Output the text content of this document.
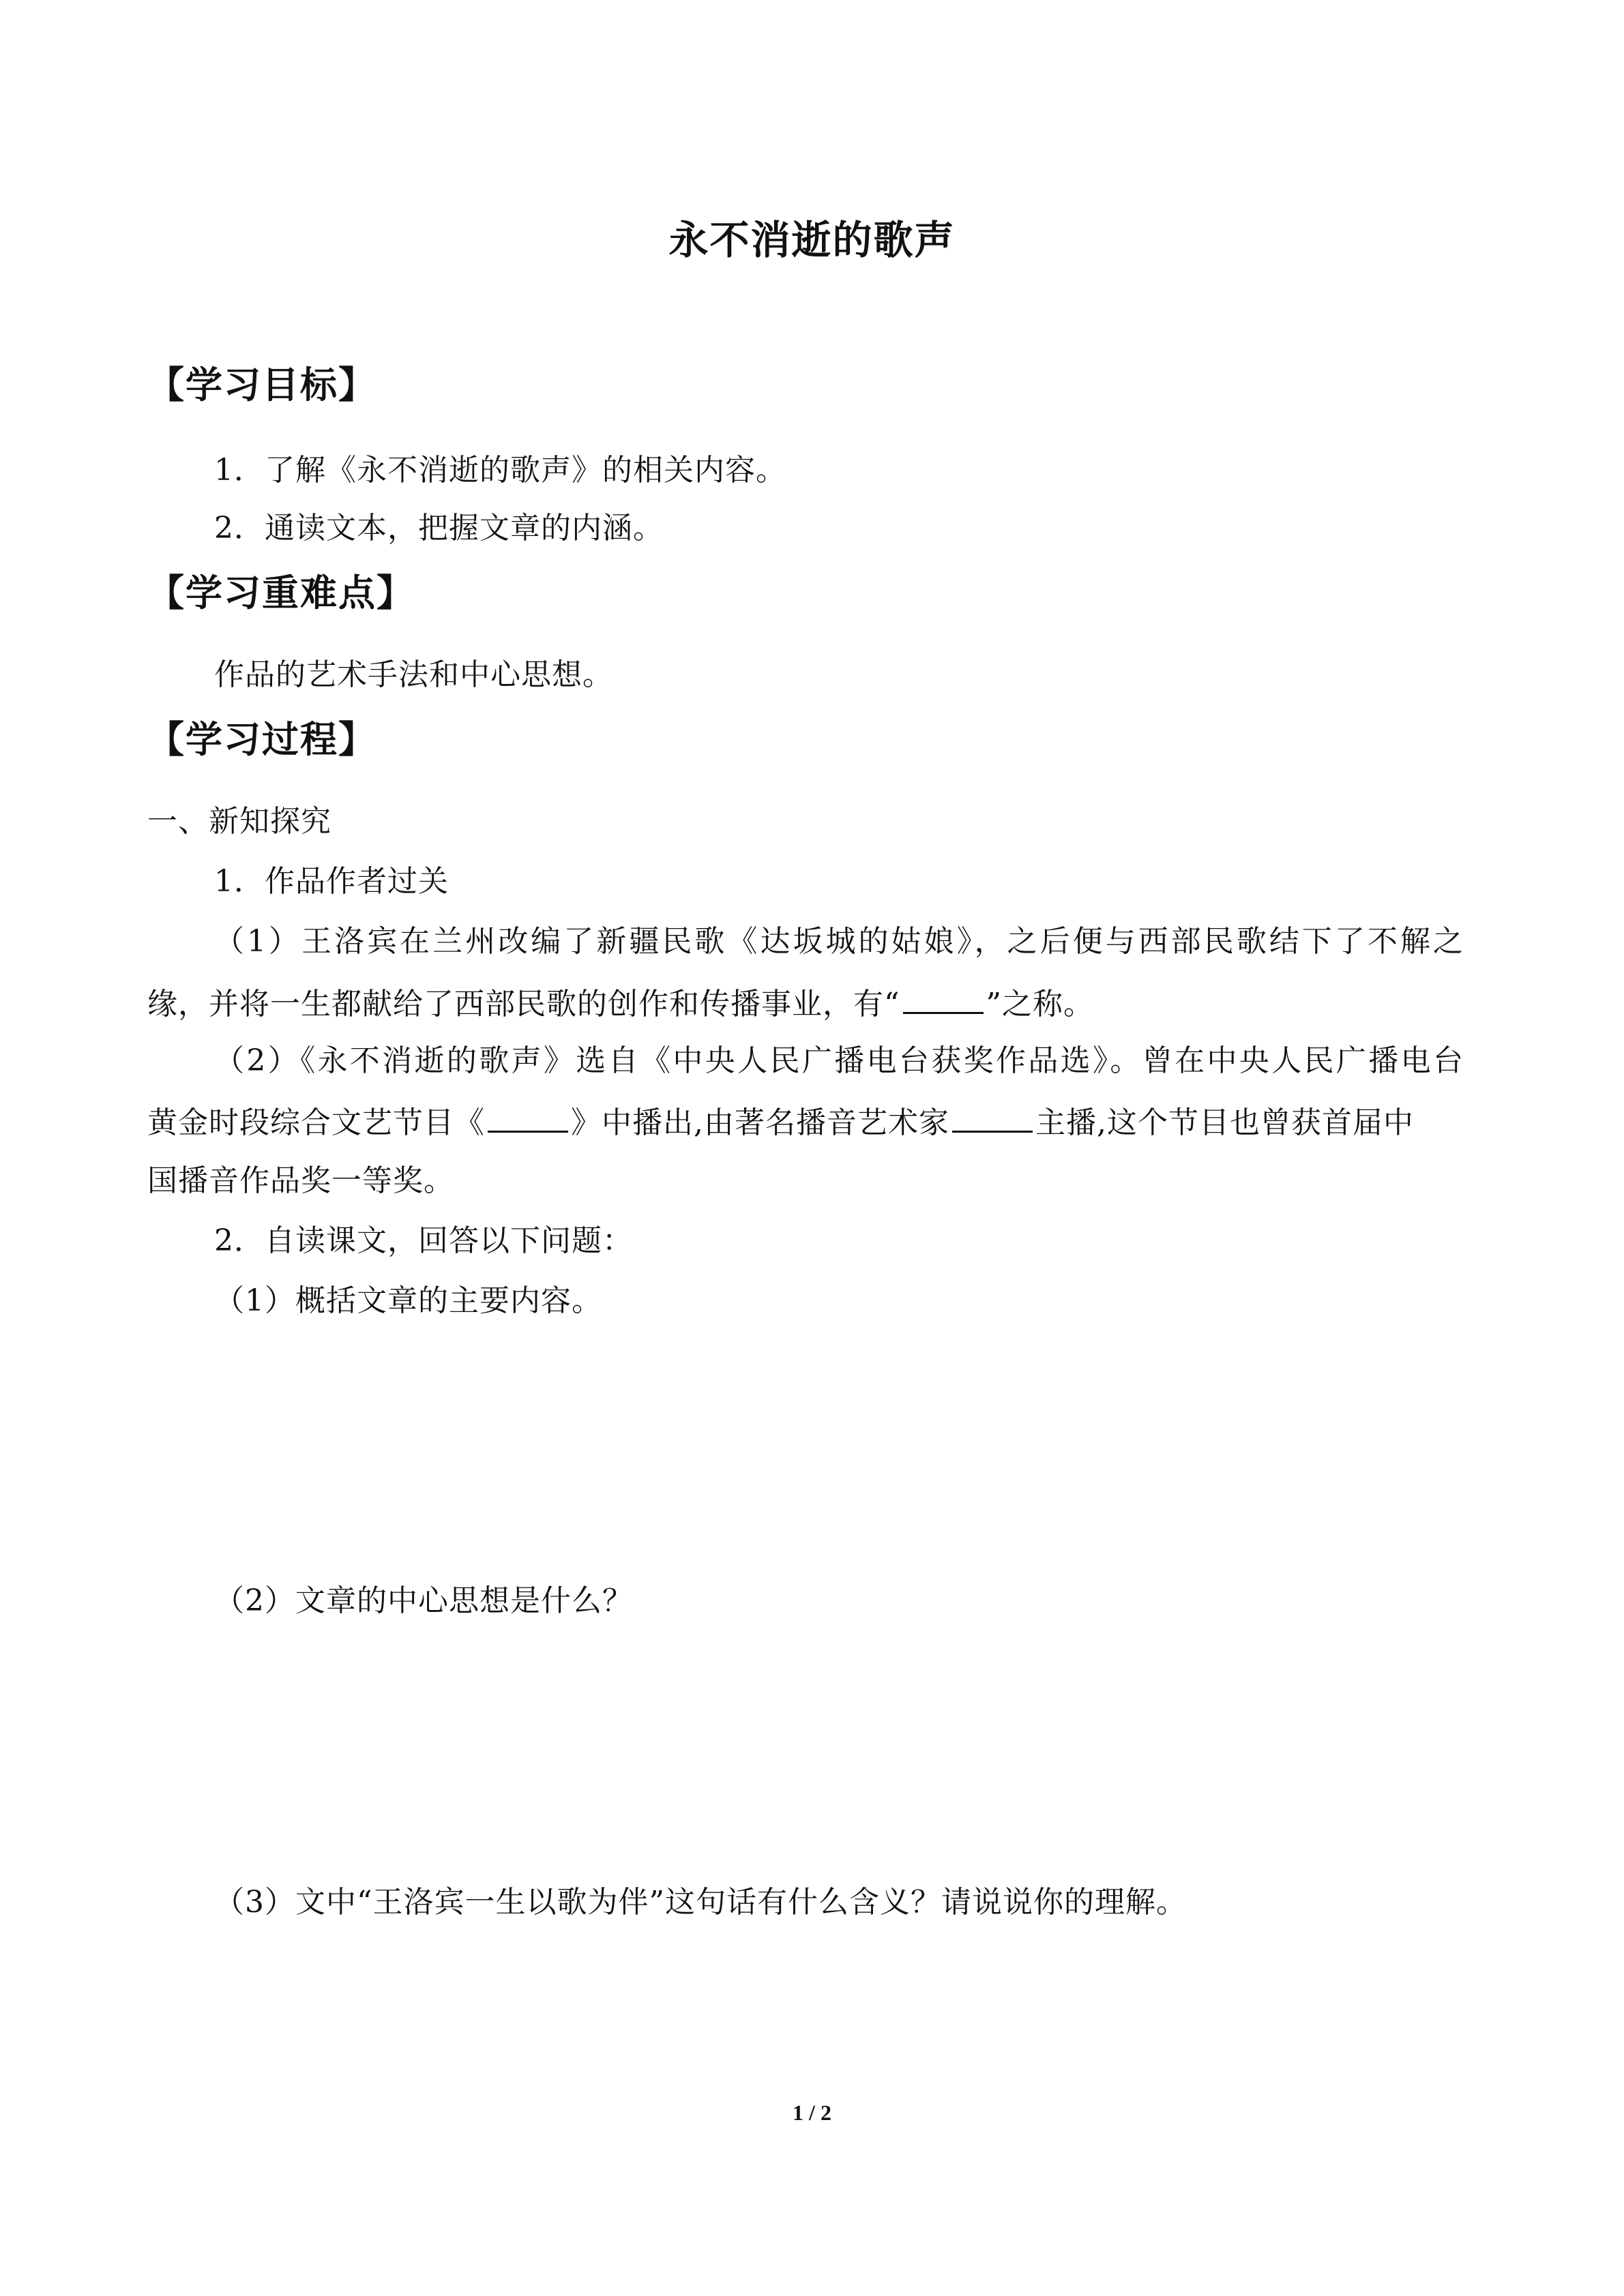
永不消逝的歌声
【学习目标】
1．了解《永不消逝的歌声》的相关内容。
2．通读文本，把握文章的内涵。
【学习重难点】
作品的艺术手法和中心思想。
【学习过程】
一、新知探究
1．作品作者过关
（1）王洛宾在兰州改编了新疆民歌《达坂城的姑娘》，之后便与西部民歌结下了不解之
缘，并将一生都献给了西部民歌的创作和传播事业，有“	”之称。
（2）《永不消逝的歌声》选自《中央人民广播电台获奖作品选》。曾在中央人民广播电台
黄金时段综合文艺节目《	》中播出,由著名播音艺术家	主播,这个节目也曾获首届中
国播音作品奖一等奖。
2．自读课文，回答以下问题：
（1）概括文章的主要内容。
（2）文章的中心思想是什么？
（3）文中“王洛宾一生以歌为伴”这句话有什么含义？请说说你的理解。
1 / 2
